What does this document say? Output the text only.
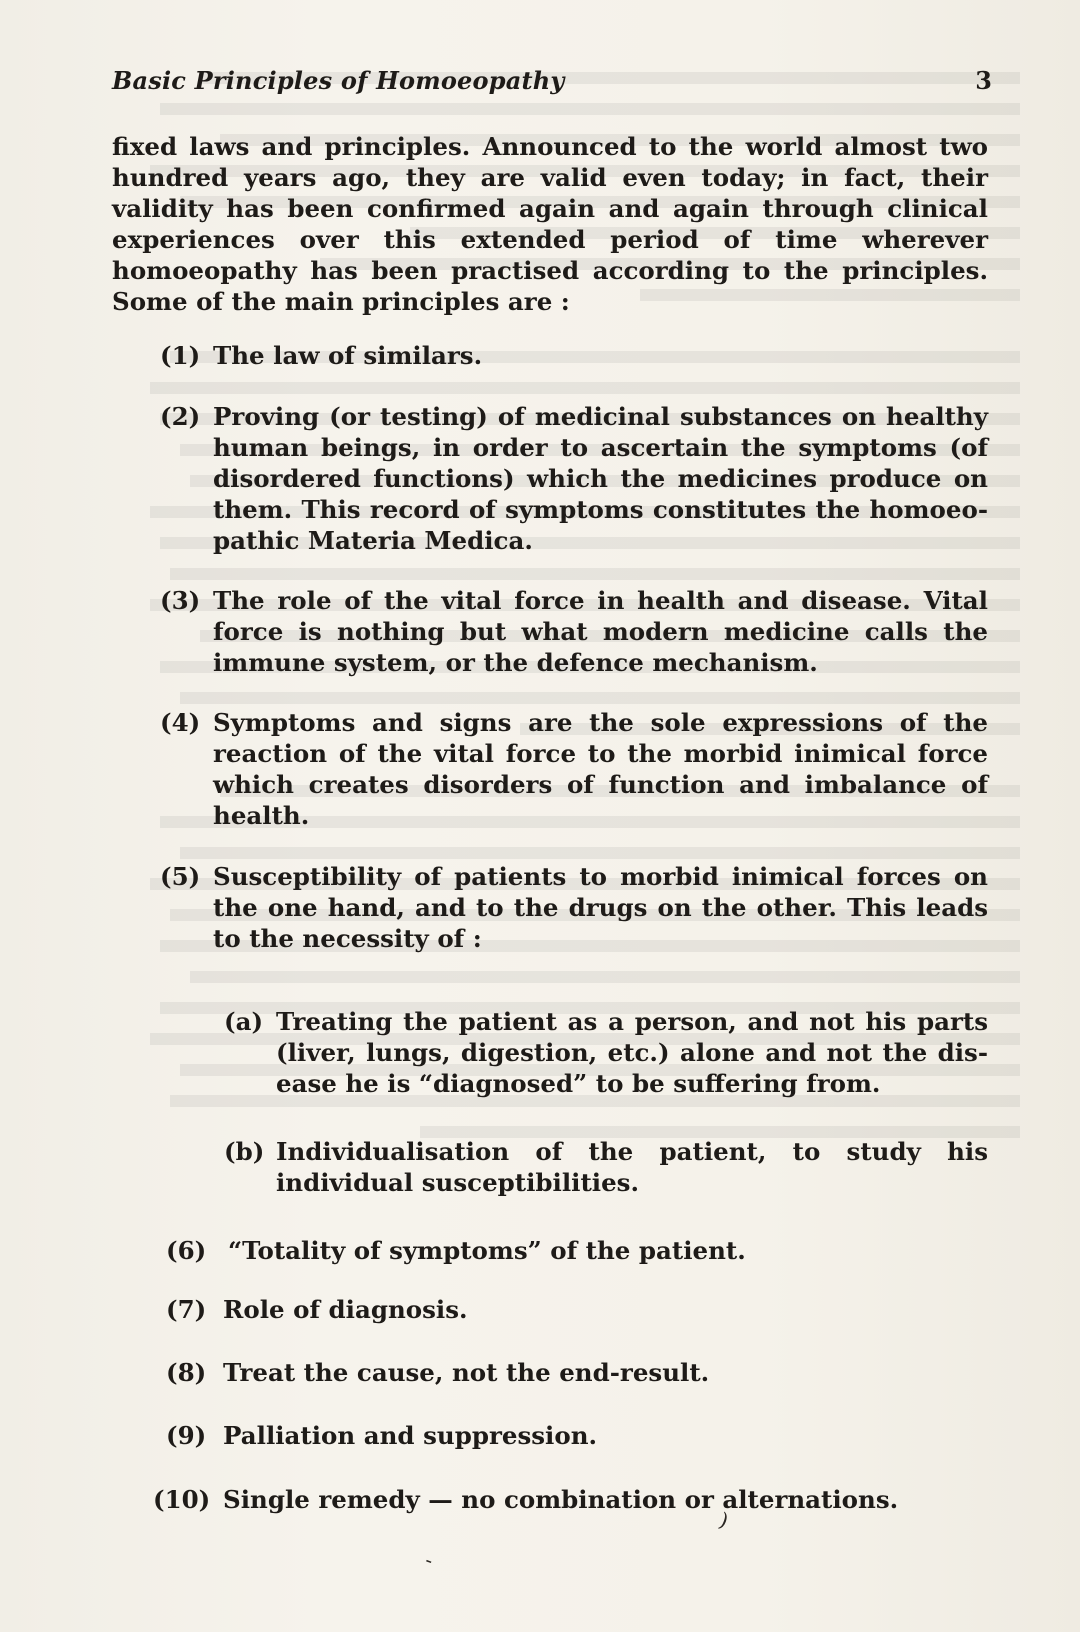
Basic Principles of Homoeopathy	3

fixed laws and principles. Announced to the world almost two hundred years ago, they are valid even today; in fact, their validity has been confirmed again and again through clinical experiences over this extended period of time wherever homoeopathy has been practised according to the principles. Some of the main principles are :

(1) The law of similars.
(2) Proving (or testing) of medicinal substances on healthy human beings, in order to ascertain the symptoms (of disordered functions) which the medicines produce on them. This record of symptoms constitutes the homoeopathic Materia Medica.
(3) The role of the vital force in health and disease. Vital force is nothing but what modern medicine calls the immune system, or the defence mechanism.
(4) Symptoms and signs are the sole expressions of the reaction of the vital force to the morbid inimical force which creates disorders of function and imbalance of health.
(5) Susceptibility of patients to morbid inimical forces on the one hand, and to the drugs on the other. This leads to the necessity of :
(a) Treating the patient as a person, and not his parts (liver, lungs, digestion, etc.) alone and not the disease he is “diagnosed” to be suffering from.
(b) Individualisation of the patient, to study his individual susceptibilities.
(6) “Totality of symptoms” of the patient.
(7) Role of diagnosis.
(8) Treat the cause, not the end-result.
(9) Palliation and suppression.
(10) Single remedy — no combination or alternations.
)
-
